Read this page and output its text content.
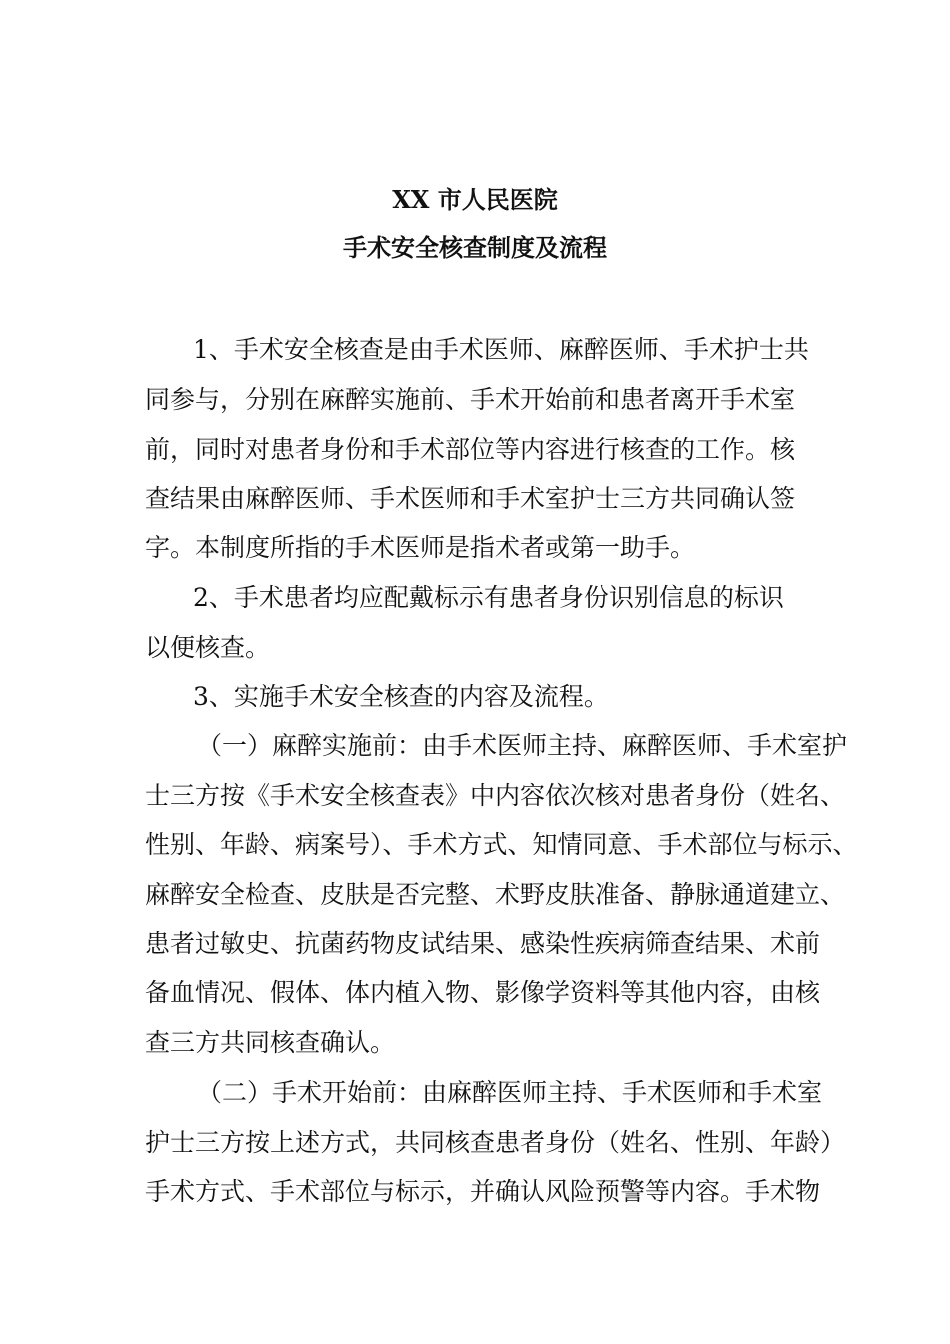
XX 市人民医院
手术安全核查制度及流程

1、手术安全核查是由手术医师、麻醉医师、手术护士共

同参与，分别在麻醉实施前、手术开始前和患者离开手术室

前，同时对患者身份和手术部位等内容进行核查的工作。核

查结果由麻醉医师、手术医师和手术室护士三方共同确认签

字。本制度所指的手术医师是指术者或第一助手。

2、手术患者均应配戴标示有患者身份识别信息的标识

以便核查。

3、实施手术安全核查的内容及流程。

（一）麻醉实施前：由手术医师主持、麻醉医师、手术室护

士三方按《手术安全核查表》中内容依次核对患者身份（姓名、

性别、年龄、病案号）、手术方式、知情同意、手术部位与标示、

麻醉安全检查、皮肤是否完整、术野皮肤准备、静脉通道建立、

患者过敏史、抗菌药物皮试结果、感染性疾病筛查结果、术前

备血情况、假体、体内植入物、影像学资料等其他内容，由核

查三方共同核查确认。

（二）手术开始前：由麻醉医师主持、手术医师和手术室

护士三方按上述方式，共同核查患者身份（姓名、性别、年龄）

手术方式、手术部位与标示，并确认风险预警等内容。手术物
